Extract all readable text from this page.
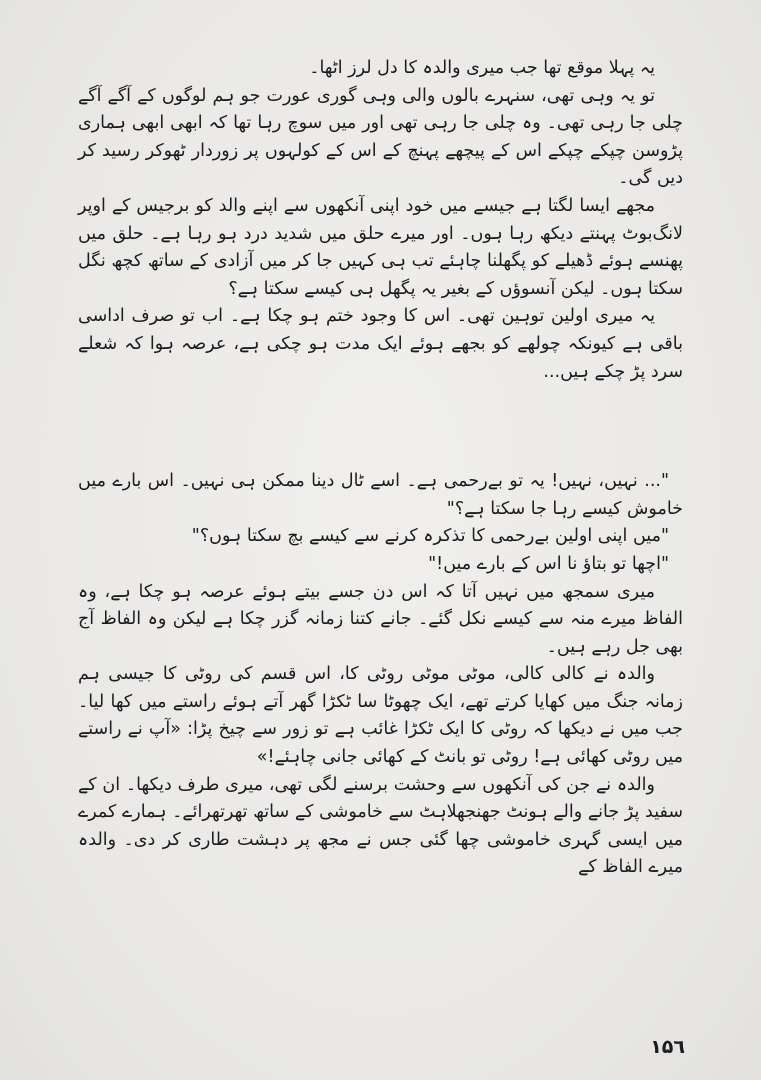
یہ پہلا موقع تھا جب میری والدہ کا دل لرز اٹھا۔

تو یہ وہی تھی، سنہرے بالوں والی وہی گوری عورت جو ہم لوگوں کے آگے آگے چلی جا رہی تھی۔ وہ چلی جا رہی تھی اور میں سوچ رہا تھا کہ ابھی ابھی ہماری پڑوسن چپکے چپکے اس کے پیچھے پہنچ کے اس کے کولہوں پر زوردار ٹھوکر رسید کر دیں گی۔

مجھے ایسا لگتا ہے جیسے میں خود اپنی آنکھوں سے اپنے والد کو برجیس کے اوپر لانگ‌بوٹ پہنتے دیکھ رہا ہوں۔ اور میرے حلق میں شدید درد ہو رہا ہے۔ حلق میں پھنسے ہوئے ڈھیلے کو پگھلنا چاہئے تب ہی کہیں جا کر میں آزادی کے ساتھ کچھ نگل سکتا ہوں۔ لیکن آنسوؤں کے بغیر یہ پگھل ہی کیسے سکتا ہے؟

یہ میری اولین توہین تھی۔ اس کا وجود ختم ہو چکا ہے۔ اب تو صرف اداسی باقی ہے کیونکہ چولھے کو بجھے ہوئے ایک مدت ہو چکی ہے، عرصہ ہوا کہ شعلے سرد پڑ چکے ہیں...

"... نہیں، نہیں! یہ تو بےرحمی ہے۔ اسے ٹال دینا ممکن ہی نہیں۔ اس بارے میں خاموش کیسے رہا جا سکتا ہے؟"

"میں اپنی اولین بےرحمی کا تذکرہ کرنے سے کیسے بچ سکتا ہوں؟"

"اچھا تو بتاؤ نا اس کے بارے میں!"

میری سمجھ میں نہیں آتا کہ اس دن جسے بیتے ہوئے عرصہ ہو چکا ہے، وہ الفاظ میرے منہ سے کیسے نکل گئے۔ جانے کتنا زمانہ گزر چکا ہے لیکن وہ الفاظ آج بھی جل رہے ہیں۔

والدہ نے کالی کالی، موٹی موٹی روٹی کا، اس قسم کی روٹی کا جیسی ہم زمانہ جنگ میں کھایا کرتے تھے، ایک چھوٹا سا ٹکڑا گھر آتے ہوئے راستے میں کھا لیا۔ جب میں نے دیکھا کہ روٹی کا ایک ٹکڑا غائب ہے تو زور سے چیخ پڑا: «آپ نے راستے میں روٹی کھائی ہے! روٹی تو بانٹ کے کھائی جانی چاہئے!»

والدہ نے جن کی آنکھوں سے وحشت برسنے لگی تھی، میری طرف دیکھا۔ ان کے سفید پڑ جانے والے ہونٹ جھنجھلاہٹ سے خاموشی کے ساتھ تھرتھرائے۔ ہمارے کمرے میں ایسی گہری خاموشی چھا گئی جس نے مجھ پر دہشت طاری کر دی۔ والدہ میرے الفاظ کے

۱۵٦
